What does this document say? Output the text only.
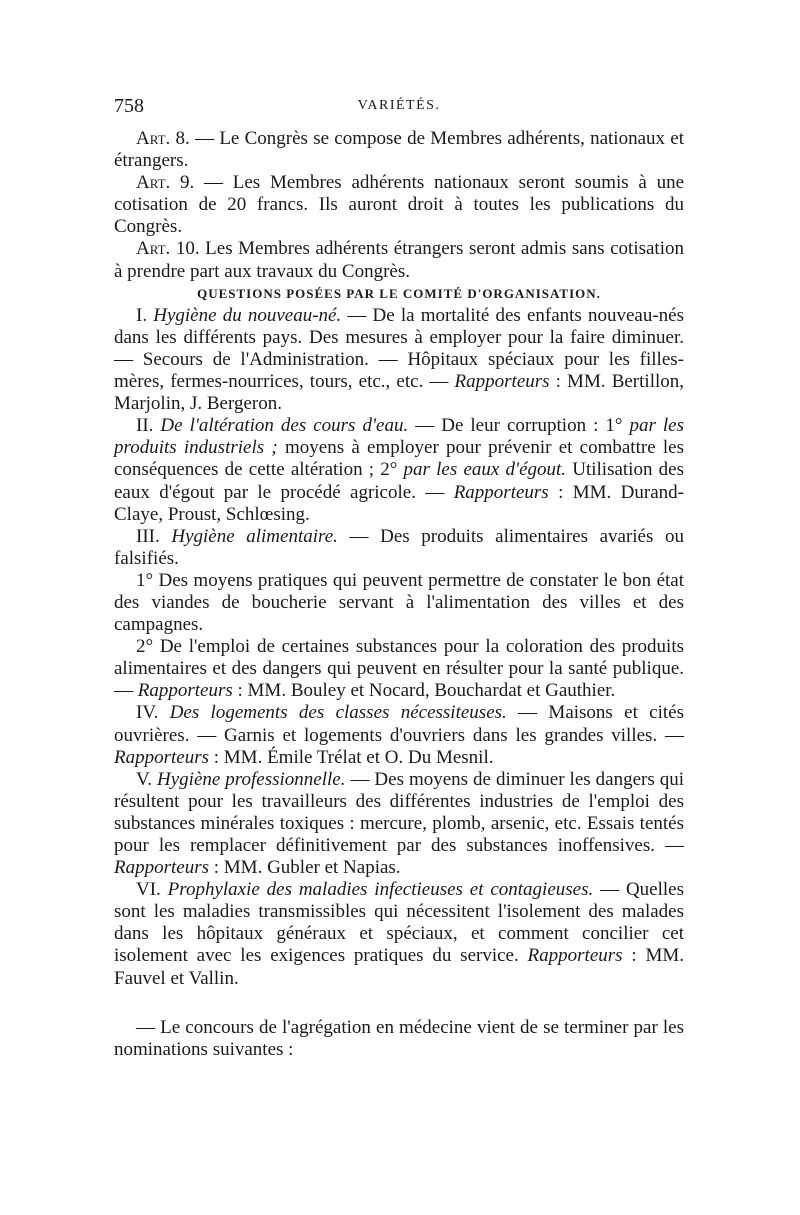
758	VARIÉTÉS.

Art. 8. — Le Congrès se compose de Membres adhérents, nationaux et étrangers.

Art. 9. — Les Membres adhérents nationaux seront soumis à une cotisation de 20 francs. Ils auront droit à toutes les publications du Congrès.

Art. 10. Les Membres adhérents étrangers seront admis sans cotisation à prendre part aux travaux du Congrès.

QUESTIONS POSÉES PAR LE COMITÉ D'ORGANISATION.

I. Hygiène du nouveau-né. — De la mortalité des enfants nouveau-nés dans les différents pays. Des mesures à employer pour la faire diminuer. — Secours de l'Administration. — Hôpitaux spéciaux pour les filles-mères, fermes-nourrices, tours, etc., etc. — Rapporteurs : MM. Bertillon, Marjolin, J. Bergeron.

II. De l'altération des cours d'eau. — De leur corruption : 1° par les produits industriels ; moyens à employer pour prévenir et combattre les conséquences de cette altération ; 2° par les eaux d'égout. Utilisation des eaux d'égout par le procédé agricole. — Rapporteurs : MM. Durand-Claye, Proust, Schlœsing.

III. Hygiène alimentaire. — Des produits alimentaires avariés ou falsifiés.

1° Des moyens pratiques qui peuvent permettre de constater le bon état des viandes de boucherie servant à l'alimentation des villes et des campagnes.

2° De l'emploi de certaines substances pour la coloration des produits alimentaires et des dangers qui peuvent en résulter pour la santé publique. — Rapporteurs : MM. Bouley et Nocard, Bouchardat et Gauthier.

IV. Des logements des classes nécessiteuses. — Maisons et cités ouvrières. — Garnis et logements d'ouvriers dans les grandes villes. — Rapporteurs : MM. Émile Trélat et O. Du Mesnil.

V. Hygiène professionnelle. — Des moyens de diminuer les dangers qui résultent pour les travailleurs des différentes industries de l'emploi des substances minérales toxiques : mercure, plomb, arsenic, etc. Essais tentés pour les remplacer définitivement par des substances inoffensives. — Rapporteurs : MM. Gubler et Napias.

VI. Prophylaxie des maladies infectieuses et contagieuses. — Quelles sont les maladies transmissibles qui nécessitent l'isolement des malades dans les hôpitaux généraux et spéciaux, et comment concilier cet isolement avec les exigences pratiques du service. Rapporteurs : MM. Fauvel et Vallin.

— Le concours de l'agrégation en médecine vient de se terminer par les nominations suivantes :
